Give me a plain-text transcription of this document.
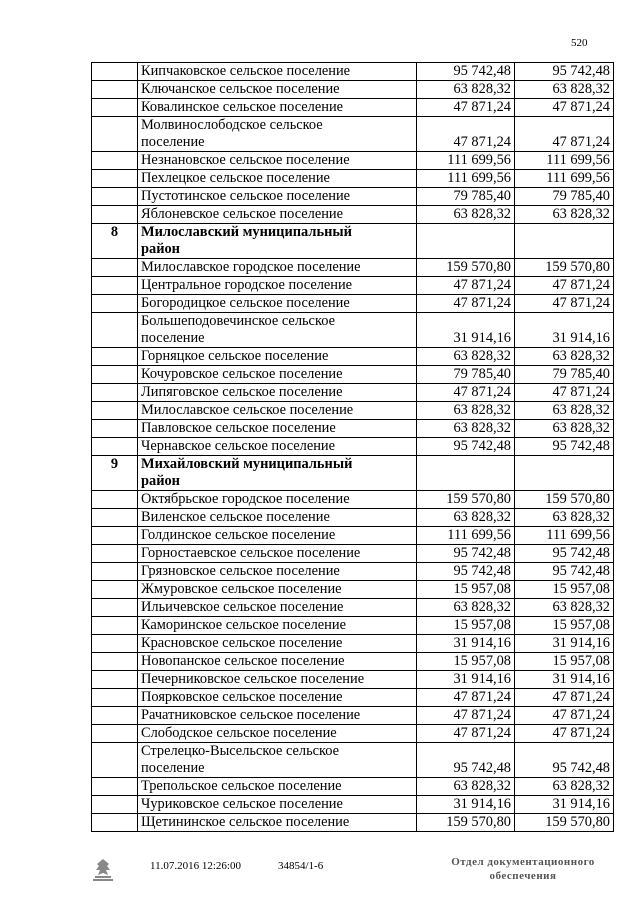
520

	Кипчаковское сельское поселение	95 742,48	95 742,48

	Ключанское сельское поселение	63 828,32	63 828,32

	Ковалинское сельское поселение	47 871,24	47 871,24

	Молвинослободское сельское
поселение	47 871,24	47 871,24

	Незнановское сельское поселение	111 699,56	111 699,56

	Пехлецкое сельское поселение	111 699,56	111 699,56

	Пустотинское сельское поселение	79 785,40	79 785,40

	Яблоневское сельское поселение	63 828,32	63 828,32
8	Милославский муниципальный
район		

	Милославское городское поселение	159 570,80	159 570,80

	Центральное городское поселение	47 871,24	47 871,24

	Богородицкое сельское поселение	47 871,24	47 871,24

	Большеподовечинское сельское
поселение	31 914,16	31 914,16

	Горняцкое сельское поселение	63 828,32	63 828,32

	Кочуровское сельское поселение	79 785,40	79 785,40

	Липяговское сельское поселение	47 871,24	47 871,24

	Милославское сельское поселение	63 828,32	63 828,32

	Павловское сельское поселение	63 828,32	63 828,32

	Чернавское сельское поселение	95 742,48	95 742,48
9	Михайловский муниципальный
район		

	Октябрьское городское поселение	159 570,80	159 570,80

	Виленское сельское поселение	63 828,32	63 828,32

	Голдинское сельское поселение	111 699,56	111 699,56

	Горностаевское сельское поселение	95 742,48	95 742,48

	Грязновское сельское поселение	95 742,48	95 742,48

	Жмуровское сельское поселение	15 957,08	15 957,08

	Ильичевское сельское поселение	63 828,32	63 828,32

	Каморинское сельское поселение	15 957,08	15 957,08

	Красновское сельское поселение	31 914,16	31 914,16

	Новопанское сельское поселение	15 957,08	15 957,08

	Печерниковское сельское поселение	31 914,16	31 914,16

	Поярковское сельское поселение	47 871,24	47 871,24

	Рачатниковское сельское поселение	47 871,24	47 871,24

	Слободское сельское поселение	47 871,24	47 871,24

	Стрелецко-Высельское сельское
поселение	95 742,48	95 742,48

	Трепольское сельское поселение	63 828,32	63 828,32

	Чуриковское сельское поселение	31 914,16	31 914,16

	Щетининское сельское поселение	159 570,80	159 570,80
11.07.2016 12:26:00	34854/1-6	Отдел документационного
обеспечения
